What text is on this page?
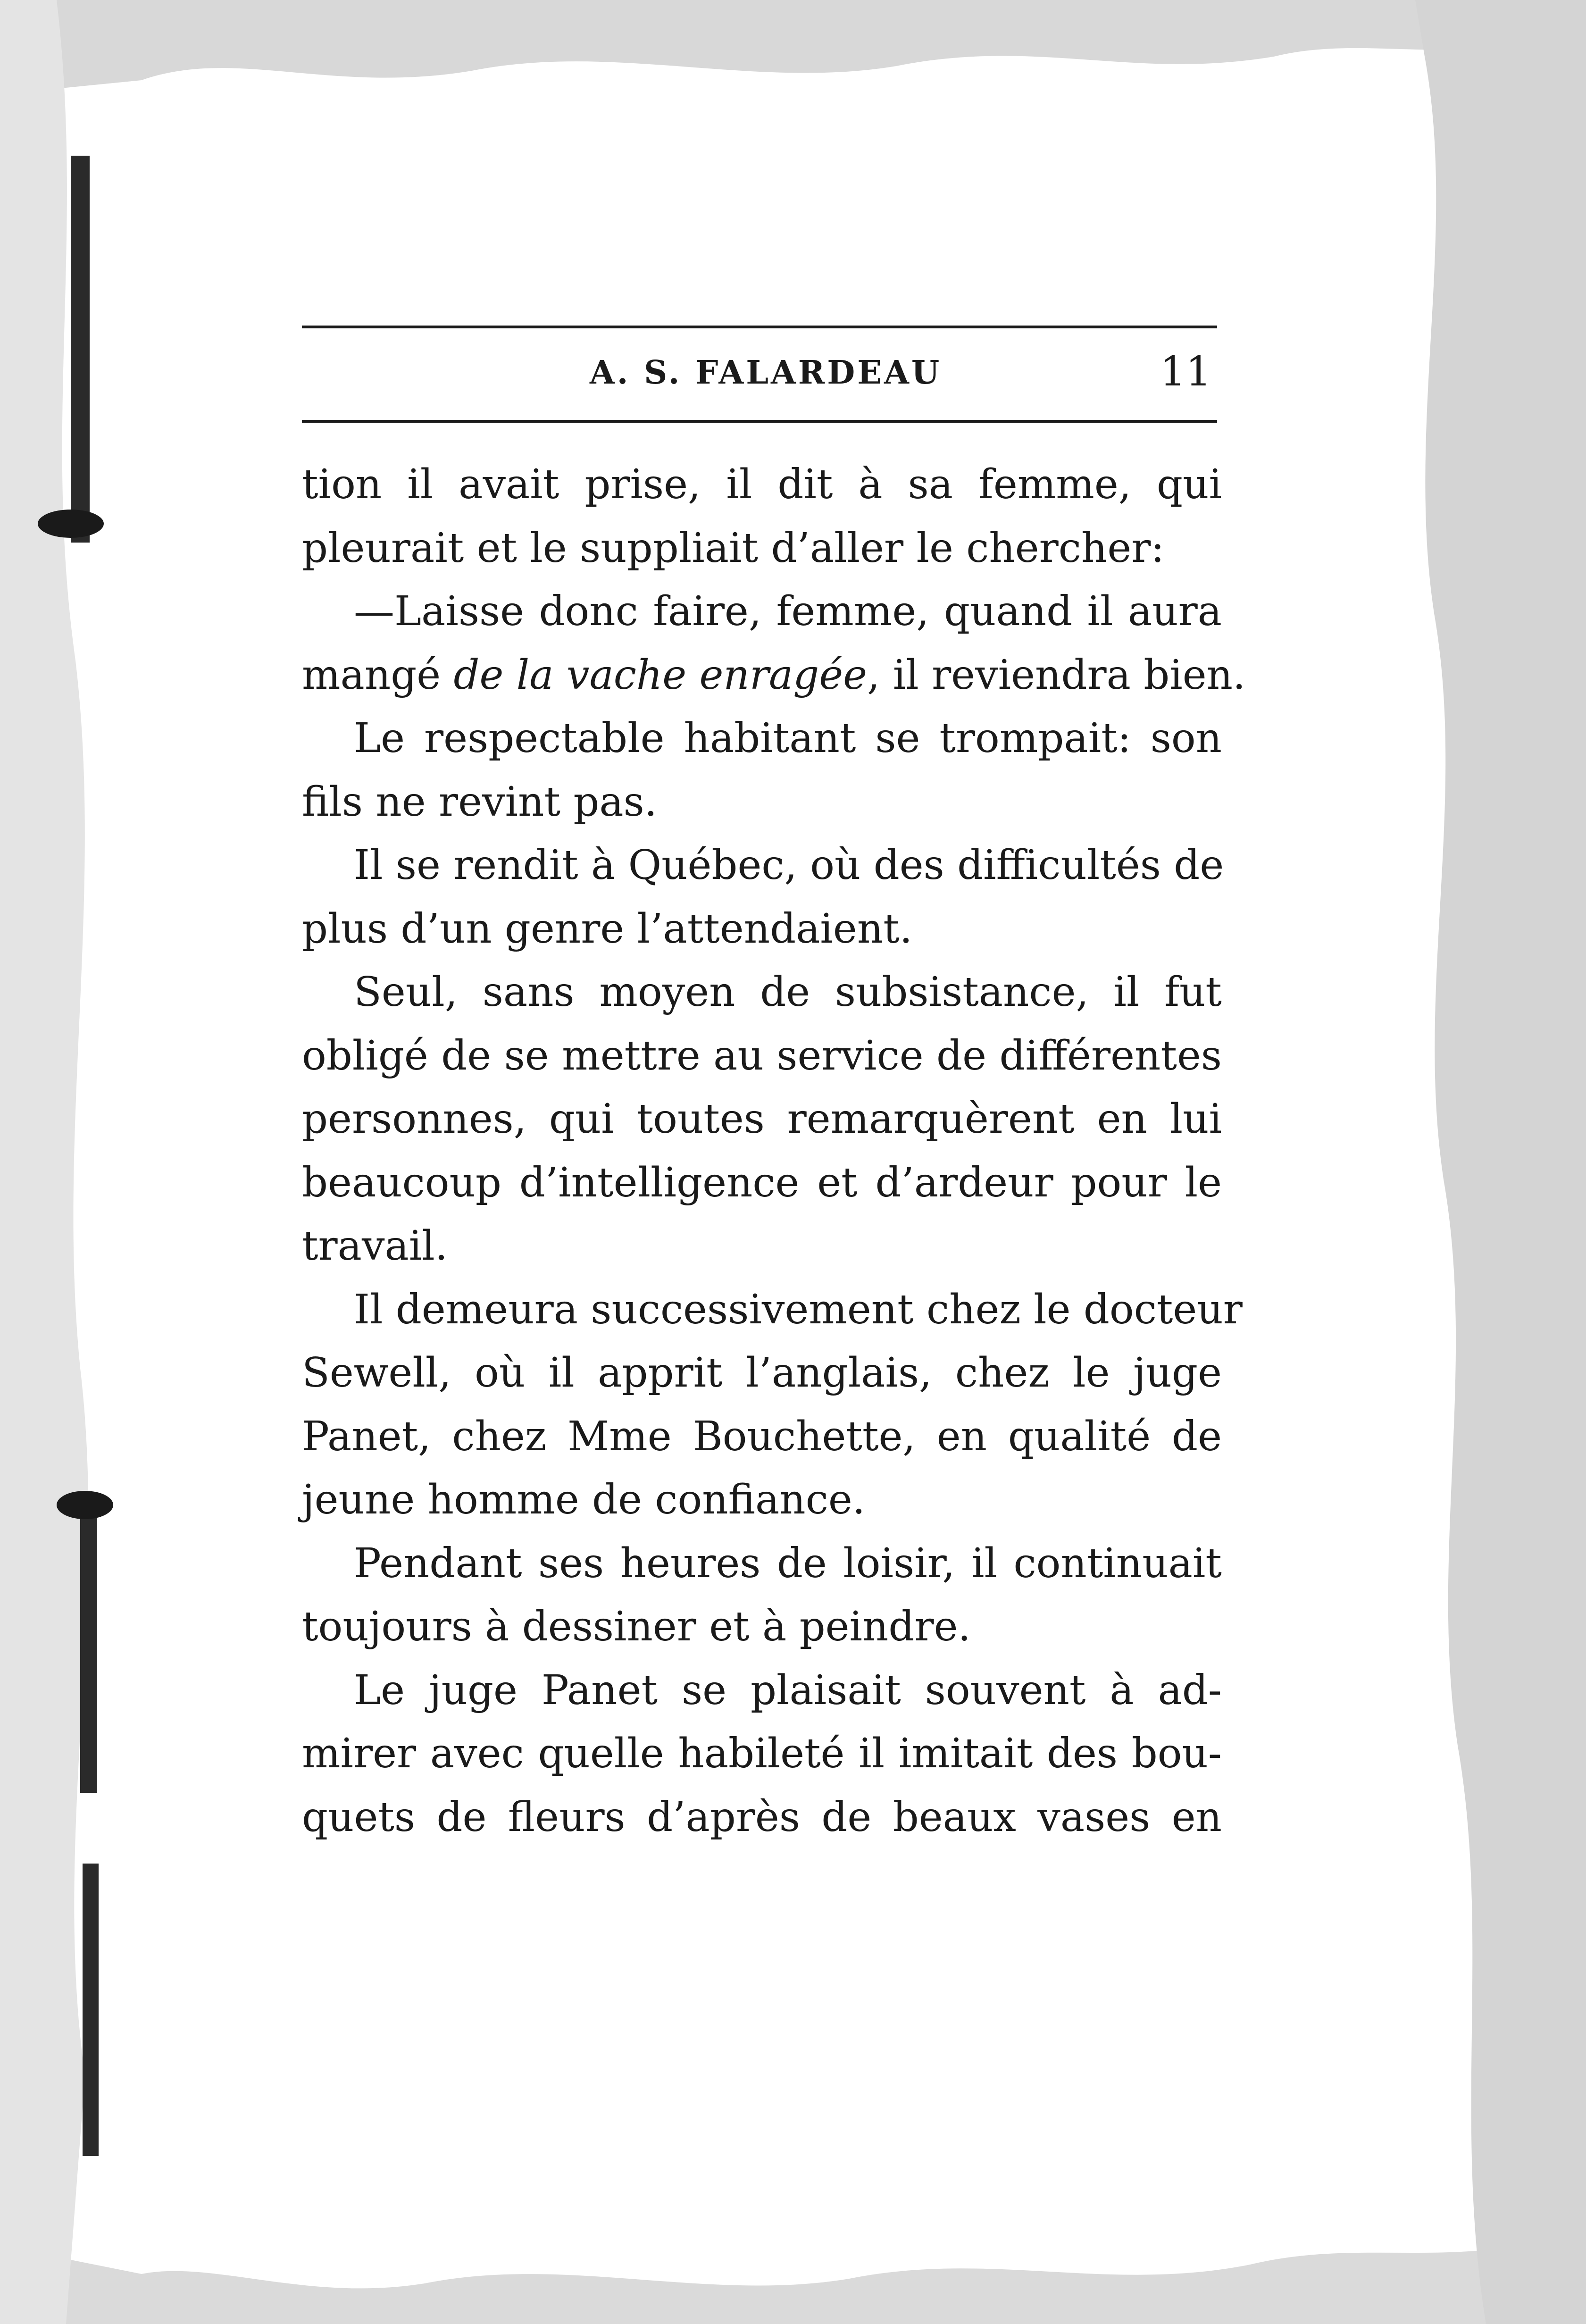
A. S. FALARDEAU	11
tion il avait prise, il dit à sa femme, qui
pleurait et le suppliait d’aller le chercher:
—Laisse donc faire, femme, quand il aura
mangé de la vache enragée, il reviendra bien.
Le respectable habitant se trompait: son
fils ne revint pas.
Il se rendit à Québec, où des difficultés de
plus d’un genre l’attendaient.
Seul, sans moyen de subsistance, il fut
obligé de se mettre au service de différentes
personnes, qui toutes remarquèrent en lui
beaucoup d’intelligence et d’ardeur pour le
travail.
Il demeura successivement chez le docteur
Sewell, où il apprit l’anglais, chez le juge
Panet, chez Mme Bouchette, en qualité de
jeune homme de confiance.
Pendant ses heures de loisir, il continuait
toujours à dessiner et à peindre.
Le juge Panet se plaisait souvent à ad-
mirer avec quelle habileté il imitait des bou-
quets de fleurs d’après de beaux vases en
